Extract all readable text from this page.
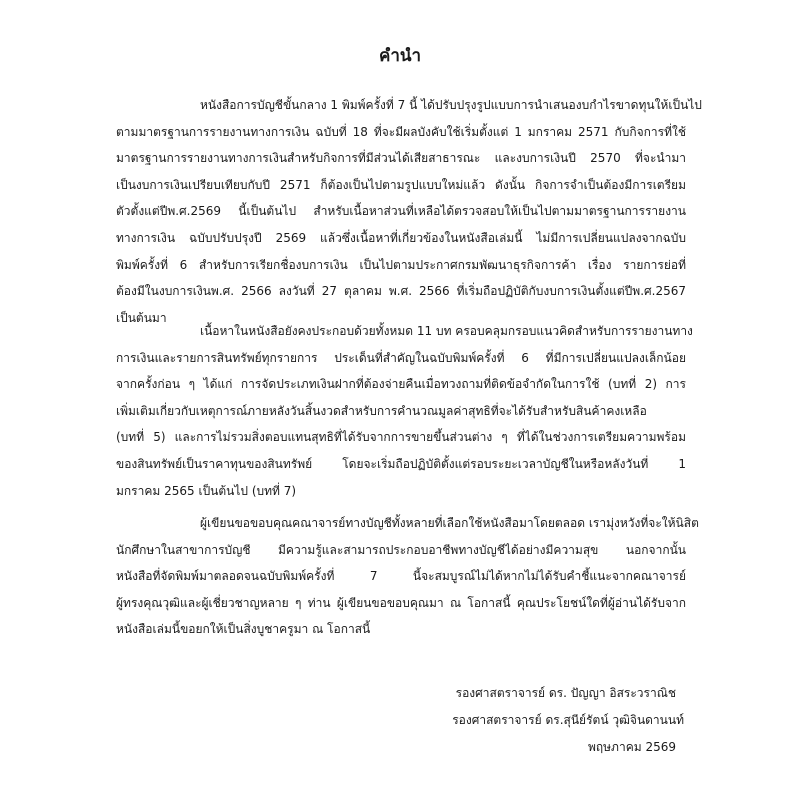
คำนำ
หนังสือการบัญชีขั้นกลาง 1 พิมพ์ครั้งที่ 7 นี้ ได้ปรับปรุงรูปแบบการนำเสนองบกำไรขาดทุนให้เป็นไป
ตามมาตรฐานการรายงานทางการเงิน ฉบับที่ 18 ที่จะมีผลบังคับใช้เริ่มตั้งแต่ 1 มกราคม 2571 กับกิจการที่ใช้
มาตรฐานการรายงานทางการเงินสำหรับกิจการที่มีส่วนได้เสียสาธารณะ และงบการเงินปี 2570 ที่จะนำมา
เป็นงบการเงินเปรียบเทียบกับปี 2571 ก็ต้องเป็นไปตามรูปแบบใหม่แล้ว ดังนั้น กิจการจำเป็นต้องมีการเตรียม
ตัวตั้งแต่ปีพ.ศ.2569 นี้เป็นต้นไป สำหรับเนื้อหาส่วนที่เหลือได้ตรวจสอบให้เป็นไปตามมาตรฐานการรายงาน
ทางการเงิน ฉบับปรับปรุงปี 2569 แล้วซึ่งเนื้อหาที่เกี่ยวข้องในหนังสือเล่มนี้ ไม่มีการเปลี่ยนแปลงจากฉบับ
พิมพ์ครั้งที่ 6 สำหรับการเรียกชื่องบการเงิน เป็นไปตามประกาศกรมพัฒนาธุรกิจการค้า เรื่อง รายการย่อที่
ต้องมีในงบการเงินพ.ศ. 2566 ลงวันที่ 27 ตุลาคม พ.ศ. 2566 ที่เริ่มถือปฏิบัติกับงบการเงินตั้งแต่ปีพ.ศ.2567
เป็นต้นมา
เนื้อหาในหนังสือยังคงประกอบด้วยทั้งหมด 11 บท ครอบคลุมกรอบแนวคิดสำหรับการรายงานทาง
การเงินและรายการสินทรัพย์ทุกรายการ ประเด็นที่สำคัญในฉบับพิมพ์ครั้งที่ 6 ที่มีการเปลี่ยนแปลงเล็กน้อย
จากครั้งก่อน ๆ ได้แก่ การจัดประเภทเงินฝากที่ต้องจ่ายคืนเมื่อทวงถามที่ติดข้อจำกัดในการใช้ (บทที่ 2) การ
เพิ่มเติมเกี่ยวกับเหตุการณ์ภายหลังวันสิ้นงวดสำหรับการคำนวณมูลค่าสุทธิที่จะได้รับสำหรับสินค้าคงเหลือ
(บทที่ 5) และการไม่รวมสิ่งตอบแทนสุทธิที่ได้รับจากการขายขึ้นส่วนต่าง ๆ ที่ได้ในช่วงการเตรียมความพร้อม
ของสินทรัพย์เป็นราคาทุนของสินทรัพย์ โดยจะเริ่มถือปฏิบัติตั้งแต่รอบระยะเวลาบัญชีในหรือหลังวันที่ 1
มกราคม 2565 เป็นต้นไป (บทที่ 7)
ผู้เขียนขอขอบคุณคณาจารย์ทางบัญชีทั้งหลายที่เลือกใช้หนังสือมาโดยตลอด เรามุ่งหวังที่จะให้นิสิต
นักศึกษาในสาขาการบัญชี มีความรู้และสามารถประกอบอาชีพทางบัญชีได้อย่างมีความสุข นอกจากนั้น
หนังสือที่จัดพิมพ์มาตลอดจนฉบับพิมพ์ครั้งที่ 7 นี้จะสมบูรณ์ไม่ได้หากไม่ได้รับคำชี้แนะจากคณาจารย์
ผู้ทรงคุณวุฒิและผู้เชี่ยวชาญหลาย ๆ ท่าน ผู้เขียนขอขอบคุณมา ณ โอกาสนี้ คุณประโยชน์ใดที่ผู้อ่านได้รับจาก
หนังสือเล่มนี้ขอยกให้เป็นสิ่งบูชาครูมา ณ โอกาสนี้
รองศาสตราจารย์ ดร. ปัญญา อิสระวราณิช
รองศาสตราจารย์ ดร.สุนีย์รัตน์ วุฒิจินดานนท์
พฤษภาคม 2569
